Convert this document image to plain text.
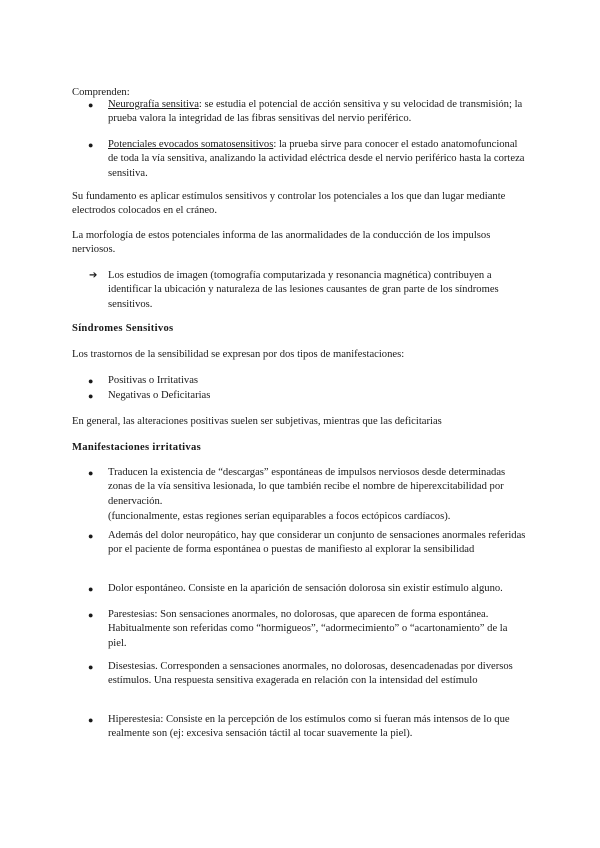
Comprenden:

● Neurografía sensitiva: se estudia el potencial de acción sensitiva y su velocidad de transmisión; la prueba valora la integridad de las fibras sensitivas del nervio periférico.

● Potenciales evocados somatosensitivos: la prueba sirve para conocer el estado anatomofuncional de toda la vía sensitiva, analizando la actividad eléctrica desde el nervio periférico hasta la corteza sensitiva.

Su fundamento es aplicar estímulos sensitivos y controlar los potenciales a los que dan lugar mediante electrodos colocados en el cráneo.

La morfología de estos potenciales informa de las anormalidades de la conducción de los impulsos nerviosos.

➔ Los estudios de imagen (tomografía computarizada y resonancia magnética) contribuyen a identificar la ubicación y naturaleza de las lesiones causantes de gran parte de los síndromes sensitivos.

Síndromes Sensitivos

Los trastornos de la sensibilidad se expresan por dos tipos de manifestaciones:

● Positivas o Irritativas

● Negativas o Deficitarias

En general, las alteraciones positivas suelen ser subjetivas, mientras que las deficitarias

Manifestaciones irritativas

● Traducen la existencia de “descargas” espontáneas de impulsos nerviosos desde determinadas zonas de la vía sensitiva lesionada, lo que también recibe el nombre de hiperexcitabilidad por denervación.

(funcionalmente, estas regiones serían equiparables a focos ectópicos cardíacos).

● Además del dolor neuropático, hay que considerar un conjunto de sensaciones anormales referidas por el paciente de forma espontánea o puestas de manifiesto al explorar la sensibilidad

● Dolor espontáneo. Consiste en la aparición de sensación dolorosa sin existir estímulo alguno.

● Parestesias: Son sensaciones anormales, no dolorosas, que aparecen de forma espontánea. Habitualmente son referidas como “hormigueos”, “adormecimiento” o “acartonamiento” de la piel.

● Disestesias. Corresponden a sensaciones anormales, no dolorosas, desencadenadas por diversos estímulos. Una respuesta sensitiva exagerada en relación con la intensidad del estímulo

● Hiperestesia: Consiste en la percepción de los estímulos como si fueran más intensos de lo que realmente son (ej: excesiva sensación táctil al tocar suavemente la piel).
